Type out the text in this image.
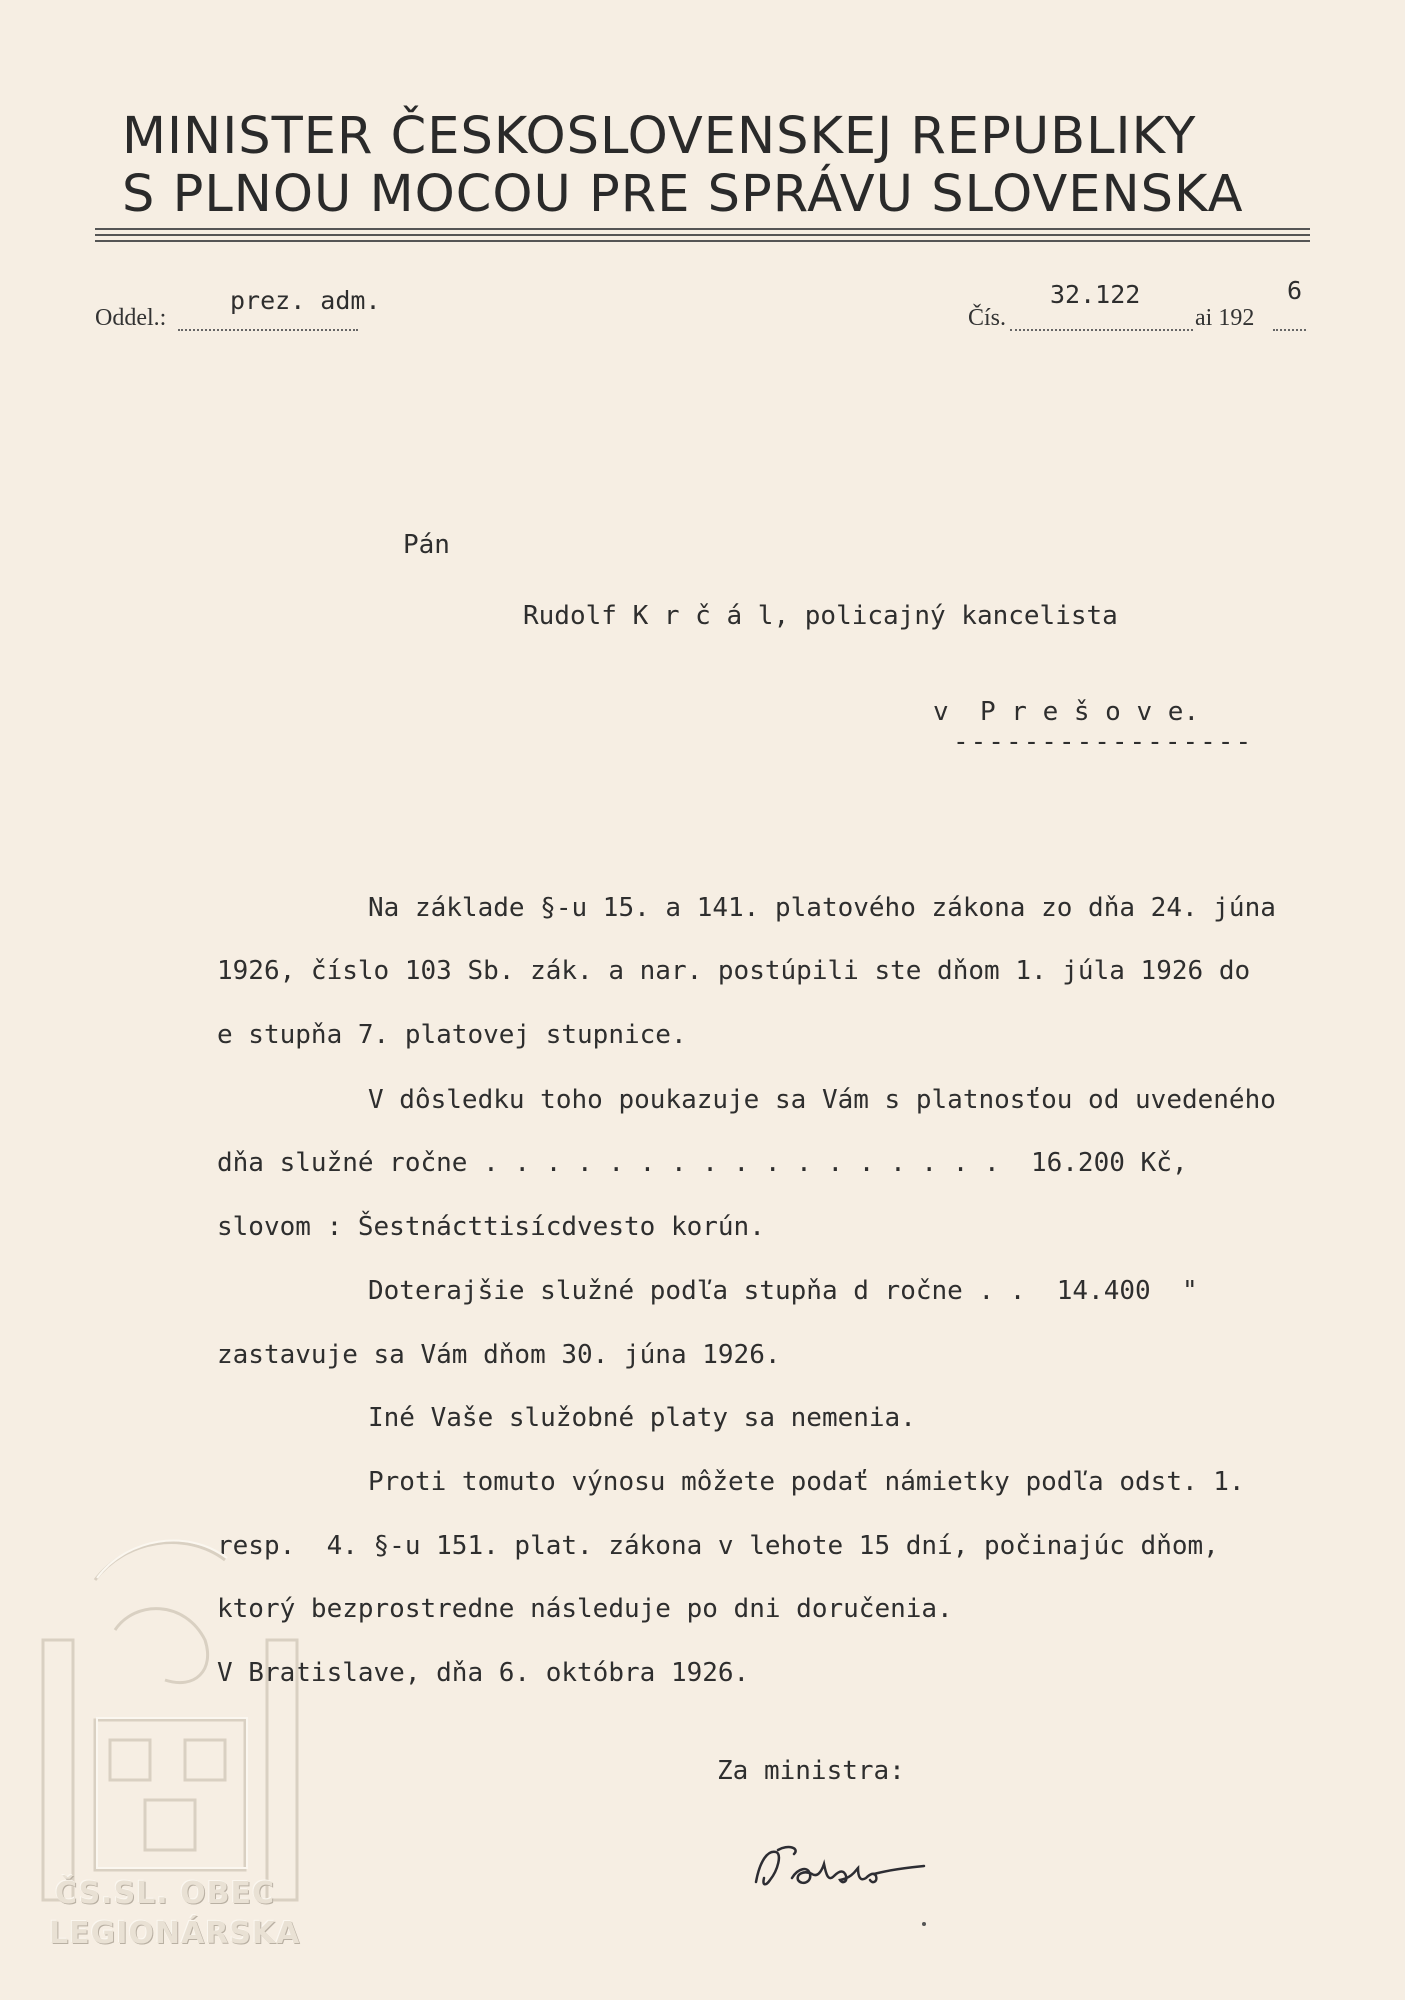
MINISTER ČESKOSLOVENSKEJ REPUBLIKY
S PLNOU MOCOU PRE SPRÁVU SLOVENSKA
Oddel.:
prez. adm.
Čís.
32.122
ai 192
6
Pán
Rudolf K r č á l, policajný kancelista
v  P r e š o v e.
-----------------
Na základe §-u 15. a 141. platového zákona zo dňa 24. júna
1926, číslo 103 Sb. zák. a nar. postúpili ste dňom 1. júla 1926 do
e stupňa 7. platovej stupnice.
V dôsledku toho poukazuje sa Vám s platnosťou od uvedeného
dňa služné ročne . . . . . . . . . . . . . . . . .  16.200 Kč,
slovom : Šestnácttisícdvesto korún.
Doterajšie služné podľa stupňa d ročne . .  14.400  "
zastavuje sa Vám dňom 30. júna 1926.
Iné Vaše služobné platy sa nemenia.
Proti tomuto výnosu môžete podať námietky podľa odst. 1.
resp.  4. §-u 151. plat. zákona v lehote 15 dní, počinajúc dňom,
ktorý bezprostredne následuje po dni doručenia.
V Bratislave, dňa 6. októbra 1926.
Za ministra:
ČS.SL. OBEC
LEGIONÁRSKA
